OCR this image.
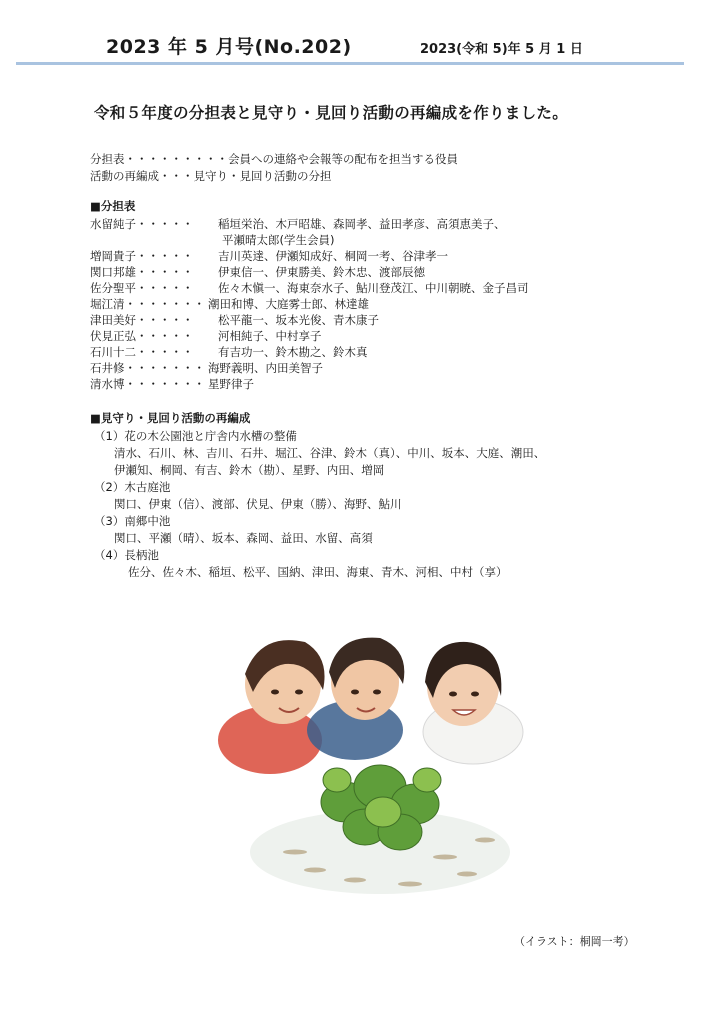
2023 年 5 月号(No.202)	2023(令和 5)年 5 月 1 日
令和５年度の分担表と見守り・見回り活動の再編成を作りました。
分担表・・・・・・・・・会員への連絡や会報等の配布を担当する役員
活動の再編成・・・見守り・見回り活動の分担
■分担表
水留純子・・・・・ 稲垣栄治、木戸昭雄、森岡孝、益田孝彦、高須恵美子、
平瀬晴太郎(学生会員)
増岡貴子・・・・・ 吉川英達、伊瀬知成好、桐岡一考、谷津孝一
関口邦雄・・・・・ 伊東信一、伊東勝美、鈴木忠、渡部辰徳
佐分聖平・・・・・ 佐々木愼一、海東奈水子、鮎川登茂江、中川朝暁、金子昌司
堀江清・・・・・・・ 潮田和博、大庭雾士郎、林達雄
津田美好・・・・・ 松平龍一、坂本光俊、青木康子
伏見正弘・・・・・ 河相純子、中村享子
石川十二・・・・・ 有吉功一、鈴木勘之、鈴木真
石井修・・・・・・・ 海野義明、内田美智子
清水博・・・・・・・ 星野律子
■見守り・見回り活動の再編成
（1）花の木公園池と庁舎内水槽の整備
清水、石川、林、吉川、石井、堀江、谷津、鈴木（真）、中川、坂本、大庭、潮田、
伊瀬知、桐岡、有吉、鈴木（勘）、星野、内田、増岡
（2）木古庭池
関口、伊東（信）、渡部、伏見、伊東（勝）、海野、鮎川
（3）南郷中池
関口、平瀬（晴）、坂本、森岡、益田、水留、高須
（4）長柄池
佐分、佐々木、稲垣、松平、国納、津田、海東、青木、河相、中村（享）
（イラスト：桐岡一考）
